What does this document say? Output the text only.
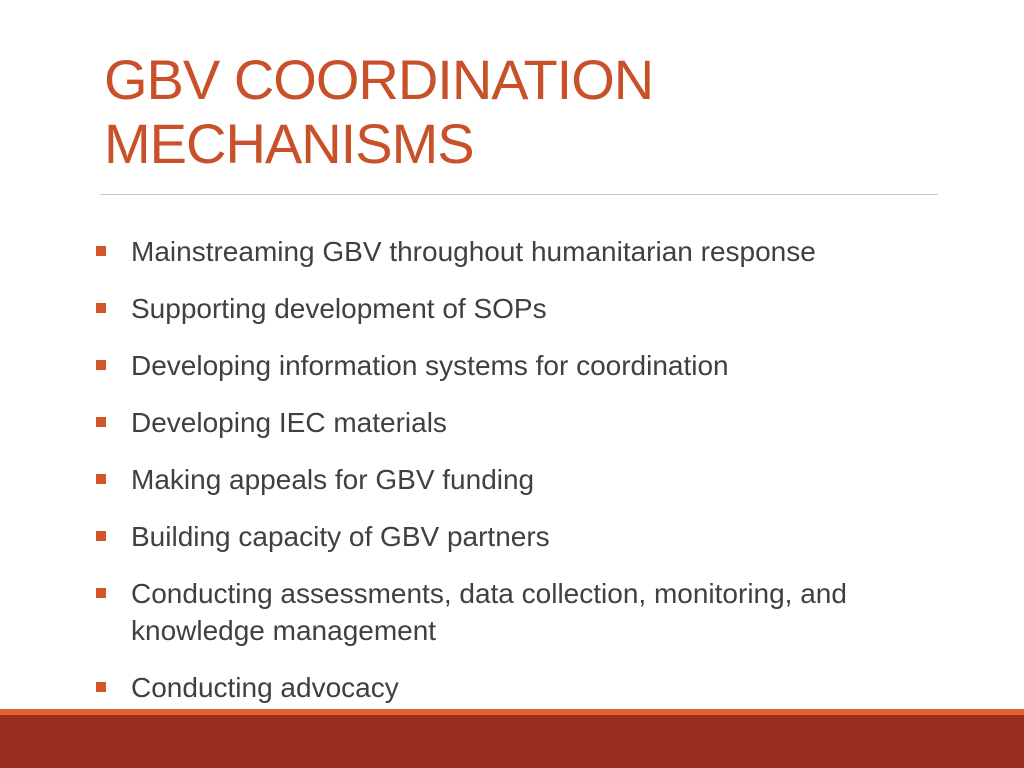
GBV COORDINATION MECHANISMS
Mainstreaming GBV throughout humanitarian response
Supporting development of SOPs
Developing information systems for coordination
Developing IEC materials
Making appeals for GBV funding
Building capacity of GBV partners
Conducting assessments, data collection, monitoring, and knowledge management
Conducting advocacy
